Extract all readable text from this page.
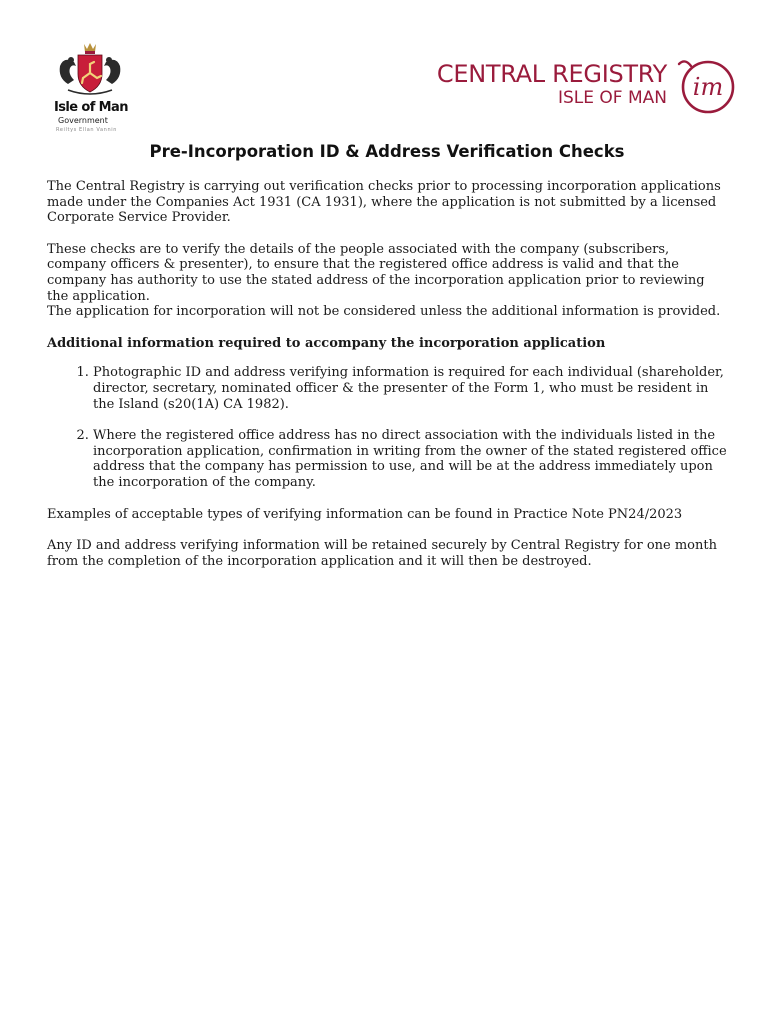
Isle of Man
Government
Reiltys Ellan Vannin
CENTRAL REGISTRY
ISLE OF MAN im
Pre-Incorporation ID & Address Verification Checks

The Central Registry is carrying out verification checks prior to processing incorporation applications made under the Companies Act 1931 (CA 1931), where the application is not submitted by a licensed Corporate Service Provider.

These checks are to verify the details of the people associated with the company (subscribers, company officers & presenter), to ensure that the registered office address is valid and that the company has authority to use the stated address of the incorporation application prior to reviewing the application.

The application for incorporation will not be considered unless the additional information is provided.

Additional information required to accompany the incorporation application
1. Photographic ID and address verifying information is required for each individual (shareholder, director, secretary, nominated officer & the presenter of the Form 1, who must be resident in the Island (s20(1A) CA 1982).
2. Where the registered office address has no direct association with the individuals listed in the incorporation application, confirmation in writing from the owner of the stated registered office address that the company has permission to use, and will be at the address immediately upon the incorporation of the company.

Examples of acceptable types of verifying information can be found in Practice Note PN24/2023

Any ID and address verifying information will be retained securely by Central Registry for one month from the completion of the incorporation application and it will then be destroyed.
